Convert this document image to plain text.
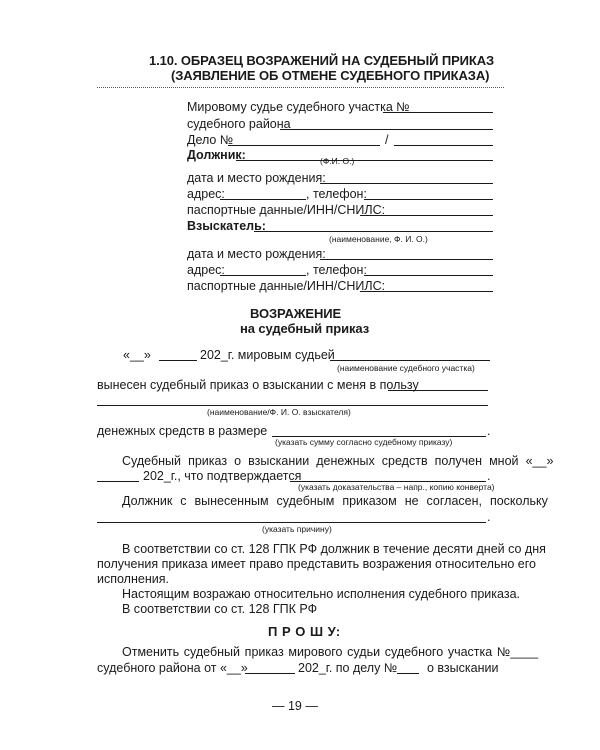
1.10. ОБРАЗЕЦ ВОЗРАЖЕНИЙ НА СУДЕБНЫЙ ПРИКАЗ
(ЗАЯВЛЕНИЕ ОБ ОТМЕНЕ СУДЕБНОГО ПРИКАЗА)
Мировому судье судебного участка №
судебного района
Дело №	/
Должник:	(Ф.И. О.)
дата и место рождения:
адрес:	, телефон:
паспортные данные/ИНН/СНИЛС:
Взыскатель:
(наименование, Ф. И. О.)
дата и место рождения:
адрес:	, телефон:
паспортные данные/ИНН/СНИЛС:
ВОЗРАЖЕНИЕ
на судебный приказ
«__»	202_г. мировым судьей
(наименование судебного участка)
вынесен судебный приказ о взыскании с меня в пользу
(наименование/Ф. И. О. взыскателя)
денежных средств в размере	.
(указать сумму согласно судебному приказу)
Судебный приказ о взыскании денежных средств получен мной «__»
202_г., что подтверждается	.
(указать доказательства – напр., копию конверта)
Должник с вынесенным судебным приказом не согласен, поскольку
.
(указать причину)
В соответствии со ст. 128 ГПК РФ должник в течение десяти дней со дня
получения приказа имеет право представить возражения относительно его
исполнения.
Настоящим возражаю относительно исполнения судебного приказа.
В соответствии со ст. 128 ГПК РФ
П Р О Ш У:
Отменить судебный приказ мирового судьи судебного участка №____
судебного района от «__»	202_г. по делу № о взыскании
— 19 —
